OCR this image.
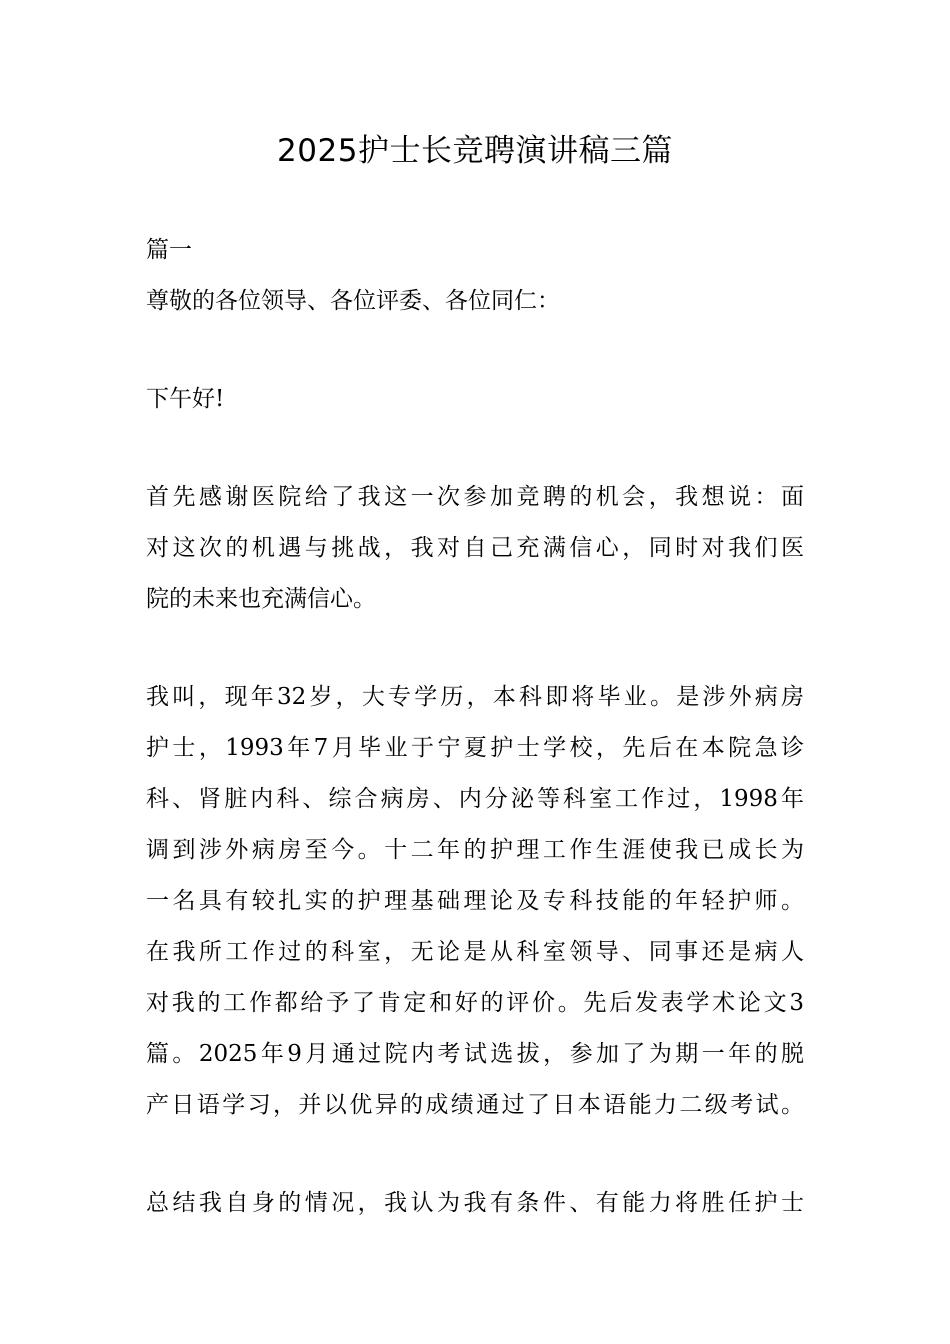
2025护士长竞聘演讲稿三篇

篇一

尊敬的各位领导、各位评委、各位同仁：

下午好!

首先感谢医院给了我这一次参加竞聘的机会，我想说：面

对这次的机遇与挑战，我对自己充满信心，同时对我们医

院的未来也充满信心。

我叫，现年32岁，大专学历，本科即将毕业。是涉外病房

护士，1993年7月毕业于宁夏护士学校，先后在本院急诊

科、肾脏内科、综合病房、内分泌等科室工作过，1998年

调到涉外病房至今。十二年的护理工作生涯使我已成长为

一名具有较扎实的护理基础理论及专科技能的年轻护师。

在我所工作过的科室，无论是从科室领导、同事还是病人

对我的工作都给予了肯定和好的评价。先后发表学术论文3

篇。2025年9月通过院内考试选拔，参加了为期一年的脱

产日语学习，并以优异的成绩通过了日本语能力二级考试。

总结我自身的情况，我认为我有条件、有能力将胜任护士
